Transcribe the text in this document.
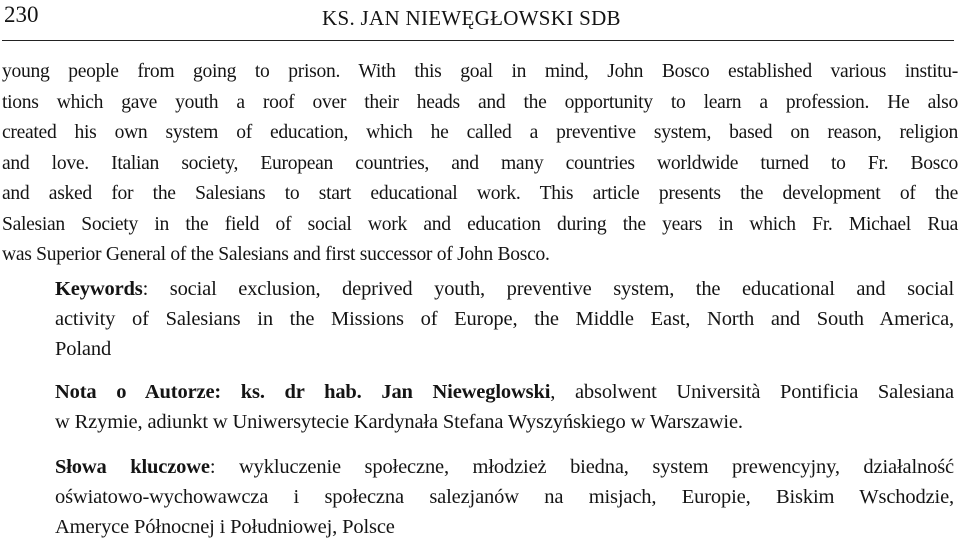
230	KS. JAN NIEWĘGŁOWSKI SDB

young people from going to prison. With this goal in mind, John Bosco established various institu-
tions which gave youth a roof over their heads and the opportunity to learn a profession. He also
created his own system of education, which he called a preventive system, based on reason, religion
and love. Italian society, European countries, and many countries worldwide turned to Fr. Bosco
and asked for the Salesians to start educational work. This article presents the development of the
Salesian Society in the field of social work and education during the years in which Fr. Michael Rua
was Superior General of the Salesians and first successor of John Bosco.

Keywords: social exclusion, deprived youth, preventive system, the educational and social
activity of Salesians in the Missions of Europe, the Middle East, North and South America,
Poland

Nota o Autorze: ks. dr hab. Jan Nieweglowski, absolwent Università Pontificia Salesiana
w Rzymie, adiunkt w Uniwersytecie Kardynała Stefana Wyszyńskiego w Warszawie.

Słowa kluczowe: wykluczenie społeczne, młodzież biedna, system prewencyjny, działalność
oświatowo-wychowawcza i społeczna salezjanów na misjach, Europie, Biskim Wschodzie,
Ameryce Północnej i Południowej, Polsce
